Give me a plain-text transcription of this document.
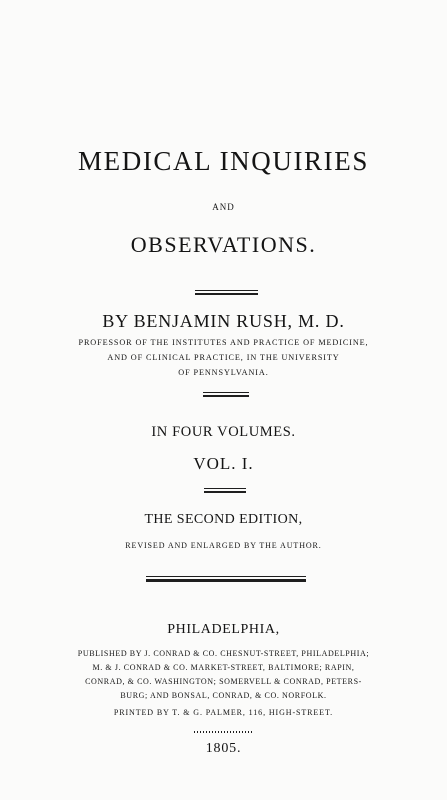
MEDICAL INQUIRIES
AND
OBSERVATIONS.
BY BENJAMIN RUSH, M. D.
PROFESSOR OF THE INSTITUTES AND PRACTICE OF MEDICINE,
AND OF CLINICAL PRACTICE, IN THE UNIVERSITY
OF PENNSYLVANIA.
IN FOUR VOLUMES.
VOL. I.
THE SECOND EDITION,
REVISED AND ENLARGED BY THE AUTHOR.
PHILADELPHIA,
PUBLISHED BY J. CONRAD & CO. CHESNUT-STREET, PHILADELPHIA;
M. & J. CONRAD & CO. MARKET-STREET, BALTIMORE; RAPIN,
CONRAD, & CO. WASHINGTON; SOMERVELL & CONRAD, PETERS-
BURG; AND BONSAL, CONRAD, & CO. NORFOLK.
PRINTED BY T. & G. PALMER, 116, HIGH-STREET.
1805.
